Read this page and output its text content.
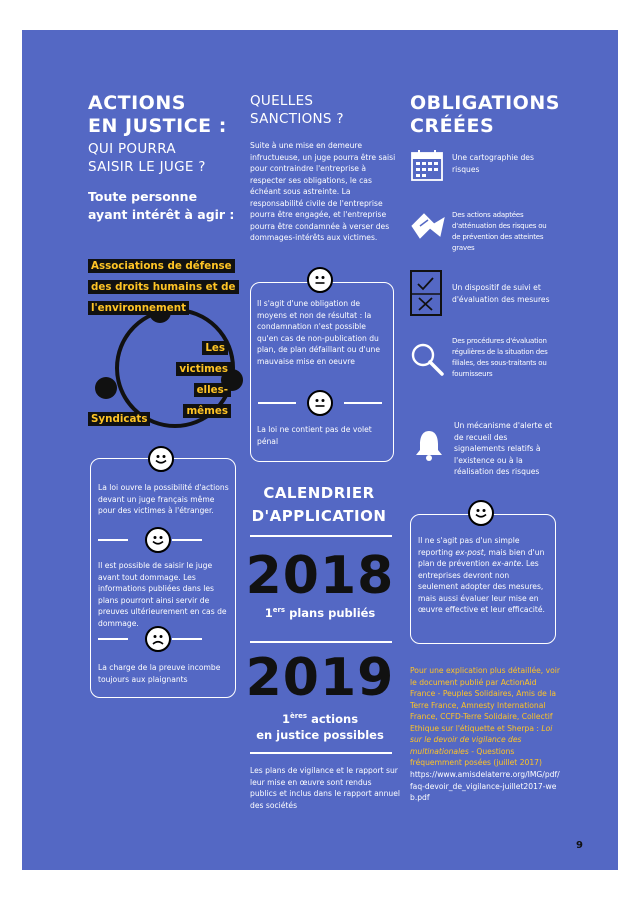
ACTIONS
EN JUSTICE :
QUI POURRA
SAISIR LE JUGE ?
Toute personne
ayant intérêt à agir :
Associations de défense
des droits humains et de
l'environnement
Les victimes
elles-mêmes
Syndicats
La loi ouvre la possibilité d'actions devant un juge français même pour des victimes à l'étranger.
Il est possible de saisir le juge avant tout dommage. Les informations publiées dans les plans pourront ainsi servir de preuves ultérieurement en cas de dommage.
La charge de la preuve incombe toujours aux plaignants
QUELLES
SANCTIONS ?
Suite à une mise en demeure infructueuse, un juge pourra être saisi pour contraindre l'entreprise à respecter ses obligations, le cas échéant sous astreinte. La responsabilité civile de l'entreprise pourra être engagée, et l'entreprise pourra être condamnée à verser des dommages-intérêts aux victimes.
Il s'agit d'une obligation de moyens et non de résultat : la condamnation n'est possible qu'en cas de non-publication du plan, de plan défaillant ou d'une mauvaise mise en oeuvre
La loi ne contient pas de volet pénal
CALENDRIER
D'APPLICATION
2018
1ers plans publiés
2019
1ères actions
en justice possibles
Les plans de vigilance et le rapport sur leur mise en œuvre sont rendus publics et inclus dans le rapport annuel des sociétés
OBLIGATIONS
CRÉÉES
Une cartographie des risques
Des actions adaptées d'atténuation des risques ou de prévention des atteintes graves
Un dispositif de suivi et d'évaluation des mesures
Des procédures d'évaluation régulières de la situation des filiales, des sous-traitants ou fournisseurs
Un mécanisme d'alerte et de recueil des signalements relatifs à l'existence ou à la réalisation des risques
Il ne s'agit pas d'un simple reporting ex-post, mais bien d'un plan de prévention ex-ante. Les entreprises devront non seulement adopter des mesures, mais aussi évaluer leur mise en œuvre effective et leur efficacité.
Pour une explication plus détaillée, voir le document publié par ActionAid France - Peuples Solidaires, Amis de la Terre France, Amnesty International France, CCFD-Terre Solidaire, Collectif Ethique sur l'étiquette et Sherpa : Loi sur le devoir de vigilance des multinationales - Questions fréquemment posées (juillet 2017)
https://www.amisdelaterre.org/IMG/pdf/faq-devoir_de_vigilance-juillet2017-web.pdf
9
